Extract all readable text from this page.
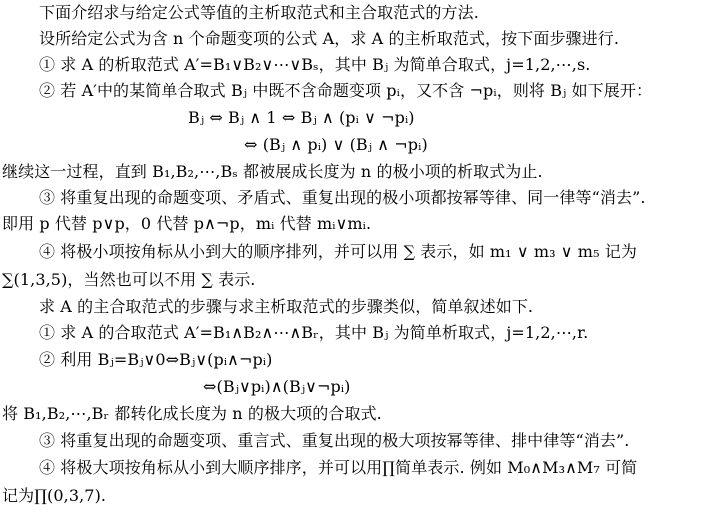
下面介绍求与给定公式等值的主析取范式和主合取范式的方法.
设所给定公式为含 n 个命题变项的公式 A，求 A 的主析取范式，按下面步骤进行.
① 求 A 的析取范式 A′=B₁∨B₂∨⋯∨Bₛ，其中 Bⱼ 为简单合取式，j=1,2,⋯,s.
② 若 A′中的某简单合取式 Bⱼ 中既不含命题变项 pᵢ，又不含 ¬pᵢ，则将 Bⱼ 如下展开：
Bⱼ ⇔ Bⱼ ∧ 1 ⇔ Bⱼ ∧ (pᵢ ∨ ¬pᵢ)
⇔ (Bⱼ ∧ pᵢ) ∨ (Bⱼ ∧ ¬pᵢ)
继续这一过程，直到 B₁,B₂,⋯,Bₛ 都被展成长度为 n 的极小项的析取式为止.
③ 将重复出现的命题变项、矛盾式、重复出现的极小项都按幂等律、同一律等“消去”.
即用 p 代替 p∨p，0 代替 p∧¬p，mᵢ 代替 mᵢ∨mᵢ.
④ 将极小项按角标从小到大的顺序排列，并可以用 ∑ 表示，如 m₁ ∨ m₃ ∨ m₅ 记为
∑(1,3,5)，当然也可以不用 ∑ 表示.
求 A 的主合取范式的步骤与求主析取范式的步骤类似，简单叙述如下.
① 求 A 的合取范式 A′=B₁∧B₂∧⋯∧Bᵣ，其中 Bⱼ 为简单析取式，j=1,2,⋯,r.
② 利用 Bⱼ=Bⱼ∨0⇔Bⱼ∨(pᵢ∧¬pᵢ)
⇔(Bⱼ∨pᵢ)∧(Bⱼ∨¬pᵢ)
将 B₁,B₂,⋯,Bᵣ 都转化成长度为 n 的极大项的合取式.
③ 将重复出现的命题变项、重言式、重复出现的极大项按幂等律、排中律等“消去”.
④ 将极大项按角标从小到大顺序排序，并可以用∏简单表示. 例如 M₀∧M₃∧M₇ 可简
记为∏(0,3,7).
